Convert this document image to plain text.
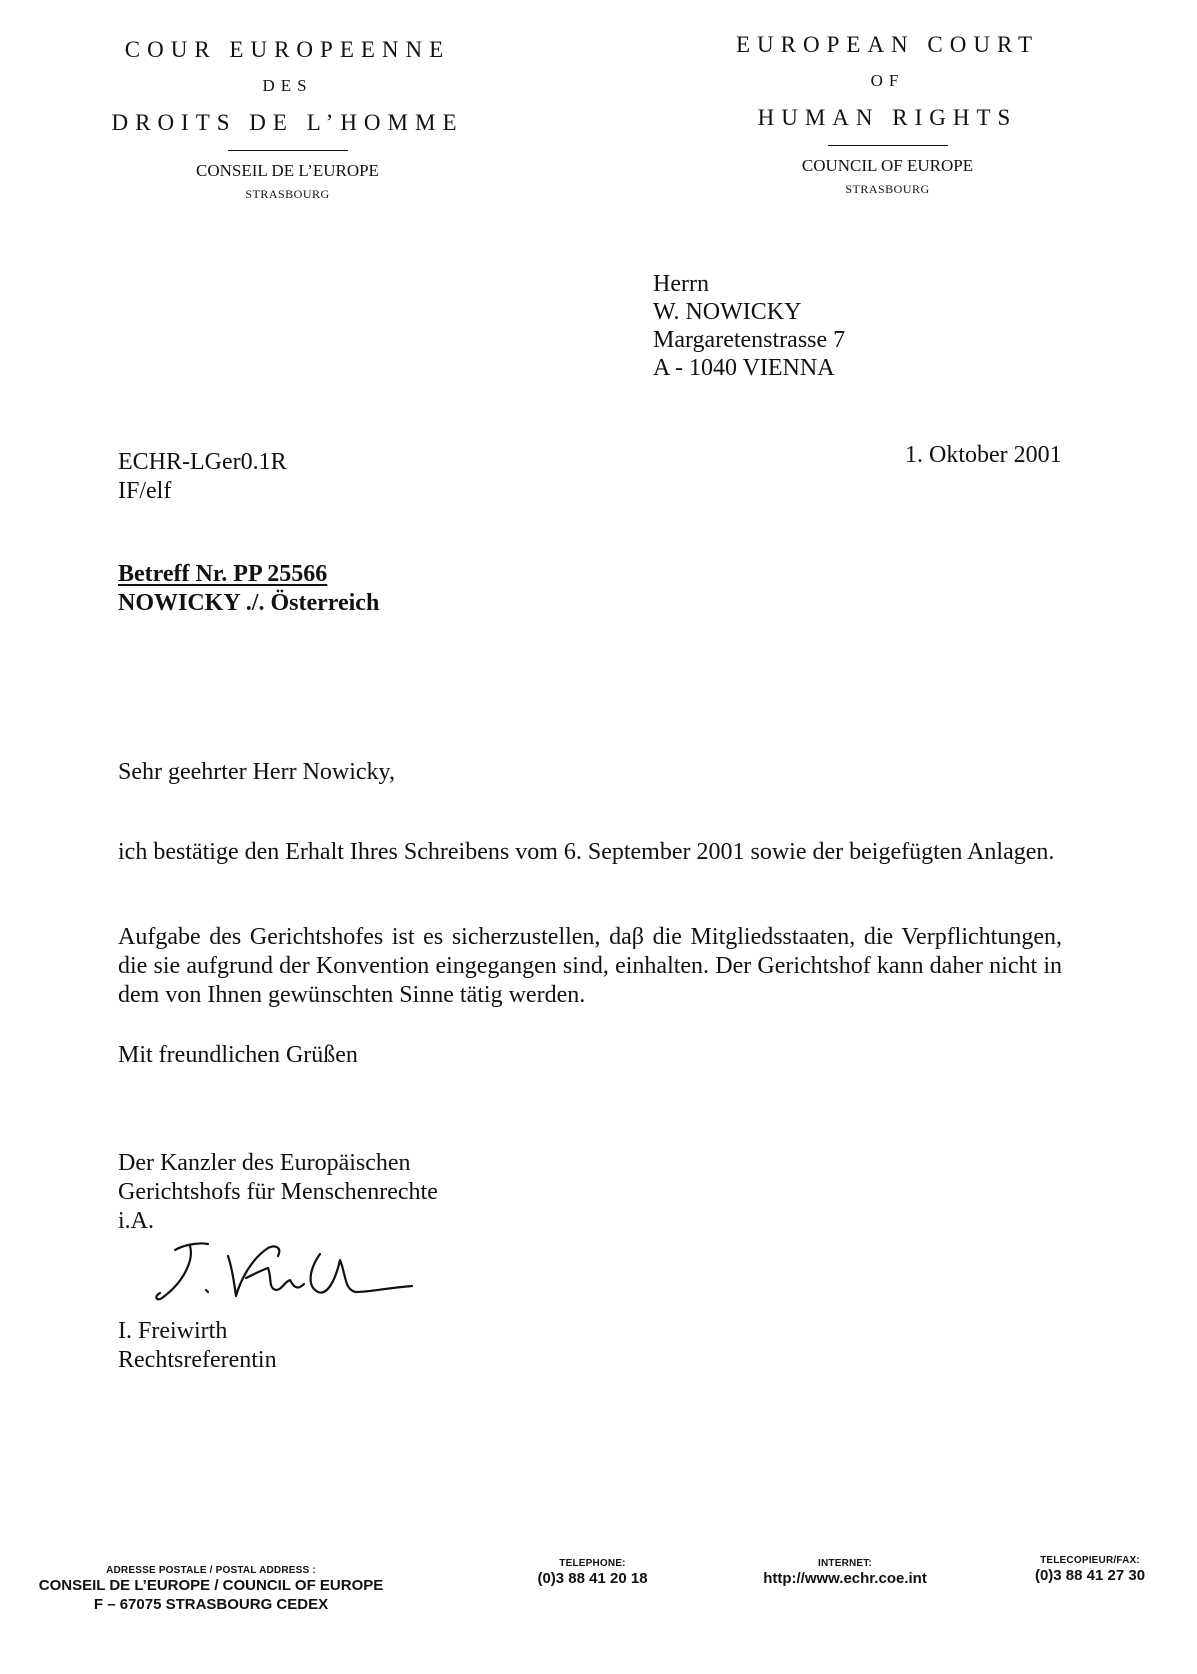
COUR EUROPEENNE
DES
DROITS DE L’HOMME
CONSEIL DE L’EUROPE
STRASBOURG
EUROPEAN COURT
OF
HUMAN RIGHTS
COUNCIL OF EUROPE
STRASBOURG
Herrn
W. NOWICKY
Margaretenstrasse 7
A - 1040 VIENNA
ECHR-LGer0.1R
IF/elf
1. Oktober 2001
Betreff Nr. PP 25566
NOWICKY ./. Österreich
Sehr geehrter Herr Nowicky,
ich bestätige den Erhalt Ihres Schreibens vom 6. September 2001 sowie der beigefügten Anlagen.
Aufgabe des Gerichtshofes ist es sicherzustellen, daβ die Mitgliedsstaaten, die Verpflichtungen, die sie aufgrund der Konvention eingegangen sind, einhalten. Der Gerichtshof kann daher nicht in dem von Ihnen gewünschten Sinne tätig werden.
Mit freundlichen Grüßen
Der Kanzler des Europäischen
Gerichtshofs für Menschenrechte
i.A.
I. Freiwirth
Rechtsreferentin
ADRESSE POSTALE / POSTAL ADDRESS :
CONSEIL DE L’EUROPE / COUNCIL OF EUROPE
F – 67075 STRASBOURG CEDEX
TELEPHONE:
(0)3 88 41 20 18
INTERNET:
http://www.echr.coe.int
TELECOPIEUR/FAX:
(0)3 88 41 27 30
